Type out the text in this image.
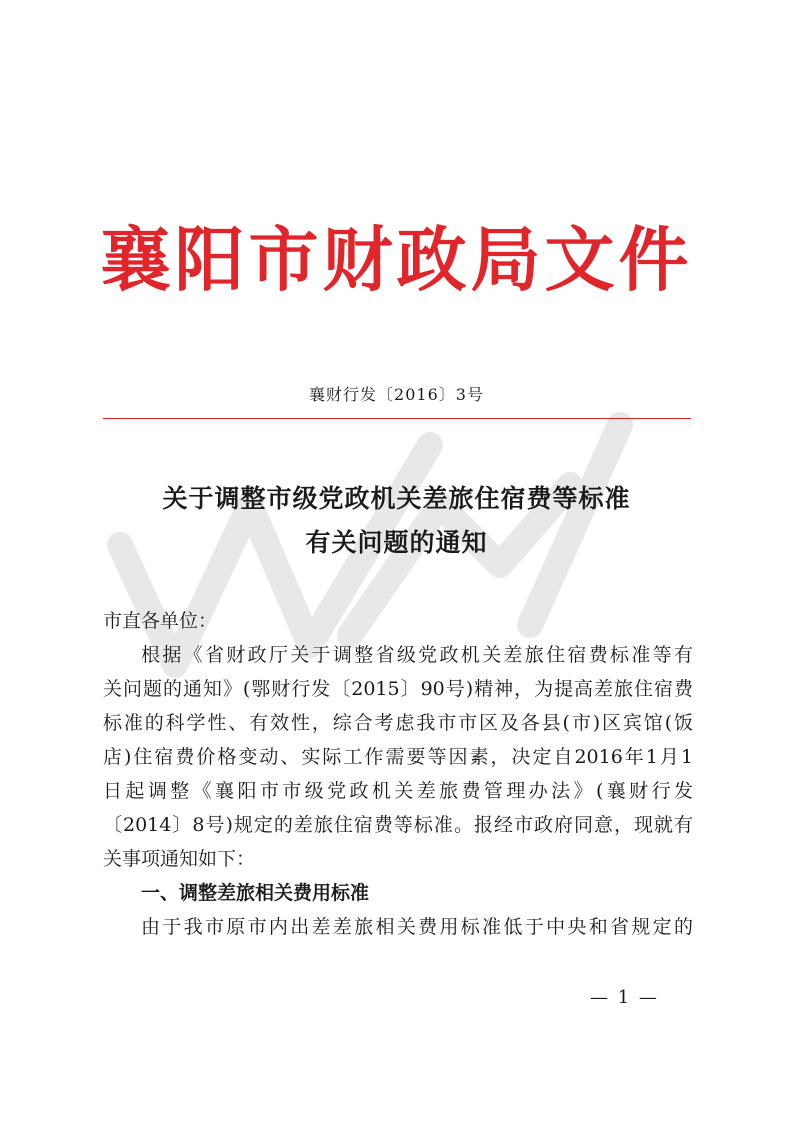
襄阳市财政局文件
襄财行发〔2016〕3号
关于调整市级党政机关差旅住宿费等标准
有关问题的通知
市直各单位：
根据《省财政厅关于调整省级党政机关差旅住宿费标准等有
关问题的通知》(鄂财行发〔2015〕90号)精神，为提高差旅住宿费
标准的科学性、有效性，综合考虑我市市区及各县(市)区宾馆(饭
店)住宿费价格变动、实际工作需要等因素，决定自2016年1月1
日起调整《襄阳市市级党政机关差旅费管理办法》(襄财行发
〔2014〕8号)规定的差旅住宿费等标准。报经市政府同意，现就有
关事项通知如下：
一、调整差旅相关费用标准
由于我市原市内出差差旅相关费用标准低于中央和省规定的
— 1 —
